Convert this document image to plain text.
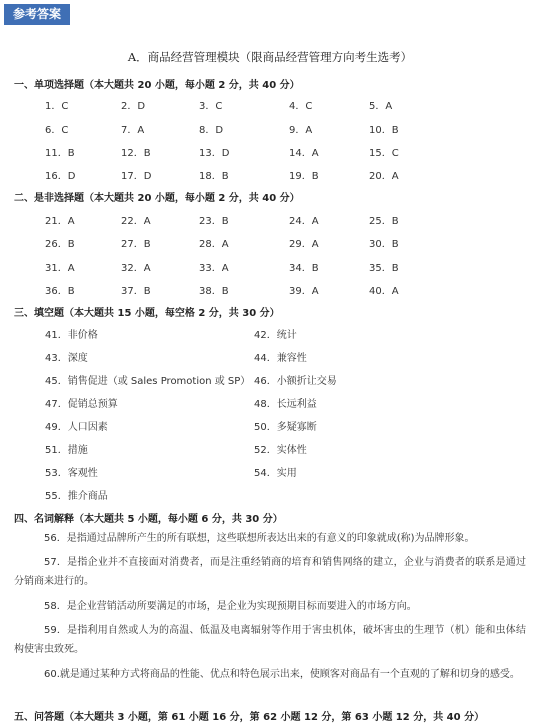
参考答案
A．商品经营管理模块（限商品经营管理方向考生选考）
一、单项选择题（本大题共 20 小题，每小题 2 分，共 40 分）
1．C	2．D	3．C	4．C	5．A
6．C	7．A	8．D	9．A	10．B
11．B	12．B	13．D	14．A	15．C
16．D	17．D	18．B	19．B	20．A
二、是非选择题（本大题共 20 小题，每小题 2 分，共 40 分）
21．A	22．A	23．B	24．A	25．B
26．B	27．B	28．A	29．A	30．B
31．A	32．A	33．A	34．B	35．B
36．B	37．B	38．B	39．A	40．A
三、填空题（本大题共 15 小题，每空格 2 分，共 30 分）
41．非价格	42．统计
43．深度	44．兼容性
45．销售促进（或 Sales Promotion 或 SP） 46．小额折让交易
47．促销总预算	48．长远利益
49．人口因素	50．多疑寡断
51．措施	52．实体性
53．客观性	54．实用
55．推介商品
四、名词解释（本大题共 5 小题，每小题 6 分，共 30 分）
56．是指通过品牌所产生的所有联想，这些联想所表达出来的有意义的印象就成(称)为品牌形象。
57．是指企业并不直接面对消费者，而是注重经销商的培育和销售网络的建立，企业与消费者的联系是通过分销商来进行的。
58．是企业营销活动所要满足的市场，是企业为实现预期目标而要进入的市场方向。
59．是指利用自然或人为的高温、低温及电离辐射等作用于害虫机体，破坏害虫的生理节（机）能和虫体结构使害虫致死。
60.就是通过某种方式将商品的性能、优点和特色展示出来，使顾客对商品有一个直观的了解和切身的感受。
五、问答题（本大题共 3 小题，第 61 小题 16 分，第 62 小题 12 分，第 63 小题 12 分，共 40 分）
